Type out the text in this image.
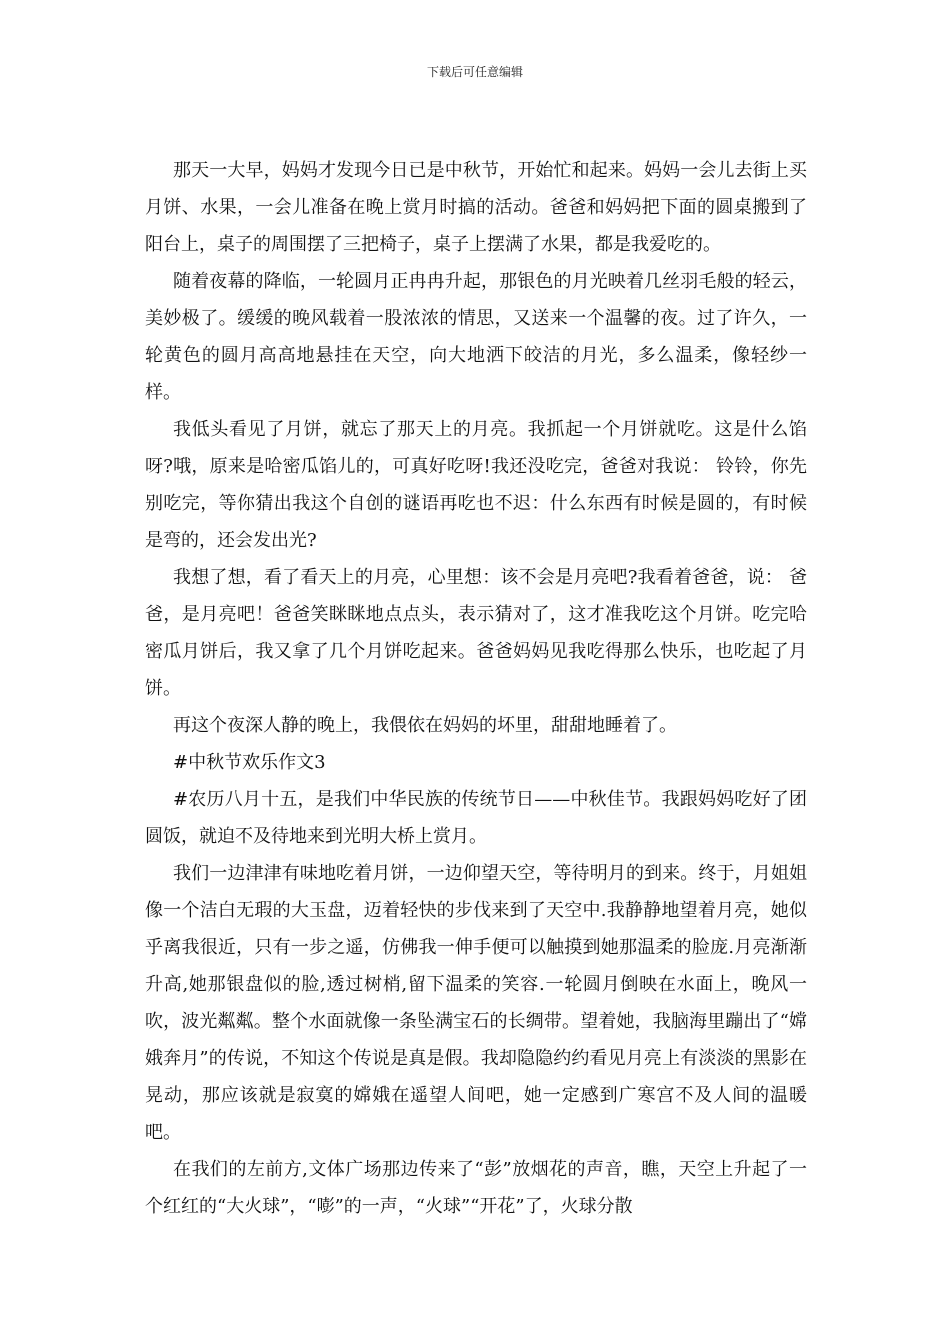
下载后可任意编辑

那天一大早，妈妈才发现今日已是中秋节，开始忙和起来。妈妈一会儿去街上买月饼、水果，一会儿准备在晚上赏月时搞的活动。爸爸和妈妈把下面的圆桌搬到了阳台上，桌子的周围摆了三把椅子，桌子上摆满了水果，都是我爱吃的。

随着夜幕的降临，一轮圆月正冉冉升起，那银色的月光映着几丝羽毛般的轻云，美妙极了。缓缓的晚风载着一股浓浓的情思，又送来一个温馨的夜。过了许久，一轮黄色的圆月高高地悬挂在天空，向大地洒下皎洁的月光，多么温柔，像轻纱一样。

我低头看见了月饼，就忘了那天上的月亮。我抓起一个月饼就吃。这是什么馅呀?哦，原来是哈密瓜馅儿的，可真好吃呀!我还没吃完，爸爸对我说： 铃铃，你先别吃完，等你猜出我这个自创的谜语再吃也不迟：什么东西有时候是圆的，有时候是弯的，还会发出光?

我想了想，看了看天上的月亮，心里想：该不会是月亮吧?我看着爸爸，说： 爸爸，是月亮吧！爸爸笑眯眯地点点头，表示猜对了，这才准我吃这个月饼。吃完哈密瓜月饼后，我又拿了几个月饼吃起来。爸爸妈妈见我吃得那么快乐，也吃起了月饼。

再这个夜深人静的晚上，我偎依在妈妈的坏里，甜甜地睡着了。

#中秋节欢乐作文3

#农历八月十五，是我们中华民族的传统节日——中秋佳节。我跟妈妈吃好了团圆饭，就迫不及待地来到光明大桥上赏月。

我们一边津津有味地吃着月饼，一边仰望天空，等待明月的到来。终于，月姐姐像一个洁白无瑕的大玉盘，迈着轻快的步伐来到了天空中.我静静地望着月亮，她似乎离我很近，只有一步之遥，仿佛我一伸手便可以触摸到她那温柔的脸庞.月亮渐渐升高,她那银盘似的脸,透过树梢,留下温柔的笑容.一轮圆月倒映在水面上，晚风一吹，波光粼粼。整个水面就像一条坠满宝石的长绸带。望着她，我脑海里蹦出了“嫦娥奔月”的传说，不知这个传说是真是假。我却隐隐约约看见月亮上有淡淡的黑影在晃动，那应该就是寂寞的嫦娥在遥望人间吧，她一定感到广寒宫不及人间的温暖吧。

在我们的左前方,文体广场那边传来了“彭”放烟花的声音，瞧，天空上升起了一个红红的“大火球”，“嘭”的一声，“火球”“开花”了，火球分散
